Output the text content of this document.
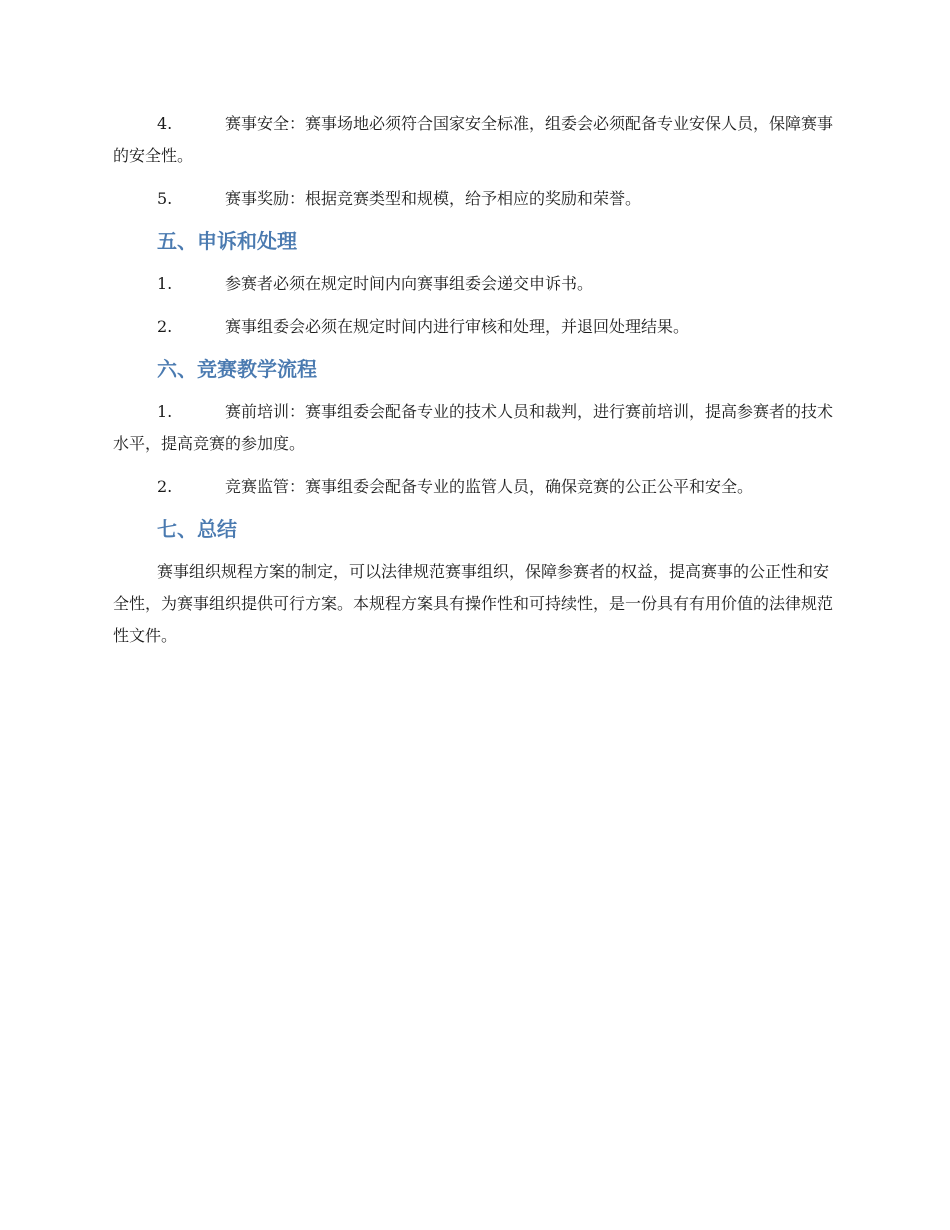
4.	赛事安全：赛事场地必须符合国家安全标准，组委会必须配备专业安保人员，保障赛事的安全性。

5.	赛事奖励：根据竞赛类型和规模，给予相应的奖励和荣誉。

五、申诉和处理

1.	参赛者必须在规定时间内向赛事组委会递交申诉书。

2.	赛事组委会必须在规定时间内进行审核和处理，并退回处理结果。

六、竞赛教学流程

1.	赛前培训：赛事组委会配备专业的技术人员和裁判，进行赛前培训，提高参赛者的技术水平，提高竞赛的参加度。

2.	竞赛监管：赛事组委会配备专业的监管人员，确保竞赛的公正公平和安全。

七、总结

赛事组织规程方案的制定，可以法律规范赛事组织，保障参赛者的权益，提高赛事的公正性和安全性，为赛事组织提供可行方案。本规程方案具有操作性和可持续性，是一份具有有用价值的法律规范性文件。
